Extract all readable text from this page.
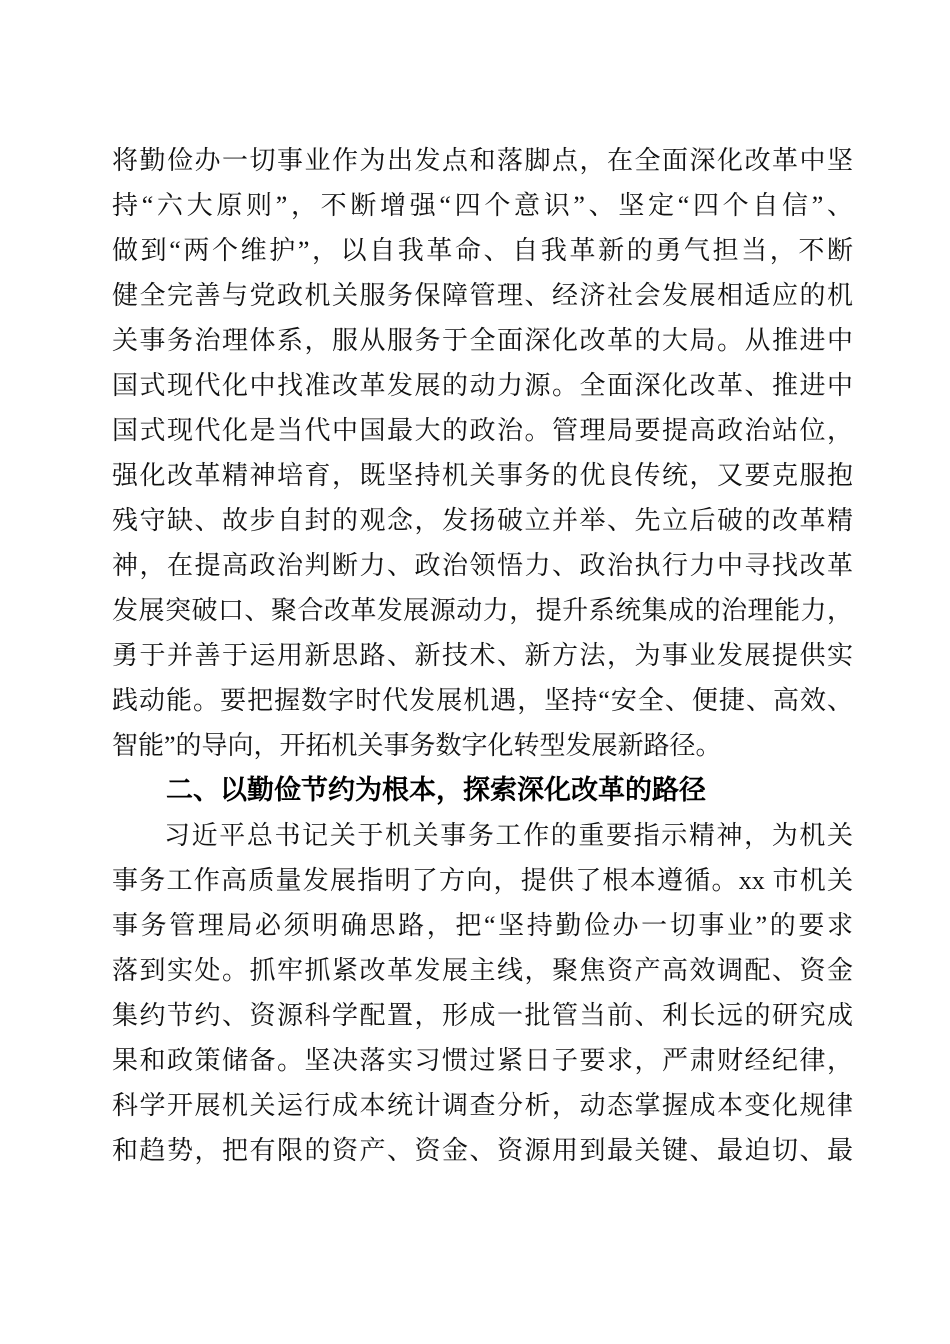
将勤俭办一切事业作为出发点和落脚点，在全面深化改革中坚
持“六大原则”，不断增强“四个意识”、坚定“四个自信”、
做到“两个维护”，以自我革命、自我革新的勇气担当，不断
健全完善与党政机关服务保障管理、经济社会发展相适应的机
关事务治理体系，服从服务于全面深化改革的大局。从推进中
国式现代化中找准改革发展的动力源。全面深化改革、推进中
国式现代化是当代中国最大的政治。管理局要提高政治站位，
强化改革精神培育，既坚持机关事务的优良传统，又要克服抱
残守缺、故步自封的观念，发扬破立并举、先立后破的改革精
神，在提高政治判断力、政治领悟力、政治执行力中寻找改革
发展突破口、聚合改革发展源动力，提升系统集成的治理能力，
勇于并善于运用新思路、新技术、新方法，为事业发展提供实
践动能。要把握数字时代发展机遇，坚持“安全、便捷、高效、
智能”的导向，开拓机关事务数字化转型发展新路径。
二、以勤俭节约为根本，探索深化改革的路径
习近平总书记关于机关事务工作的重要指示精神，为机关
事务工作高质量发展指明了方向，提供了根本遵循。xx 市机关
事务管理局必须明确思路，把“坚持勤俭办一切事业”的要求
落到实处。抓牢抓紧改革发展主线，聚焦资产高效调配、资金
集约节约、资源科学配置，形成一批管当前、利长远的研究成
果和政策储备。坚决落实习惯过紧日子要求，严肃财经纪律，
科学开展机关运行成本统计调查分析，动态掌握成本变化规律
和趋势，把有限的资产、资金、资源用到最关键、最迫切、最
